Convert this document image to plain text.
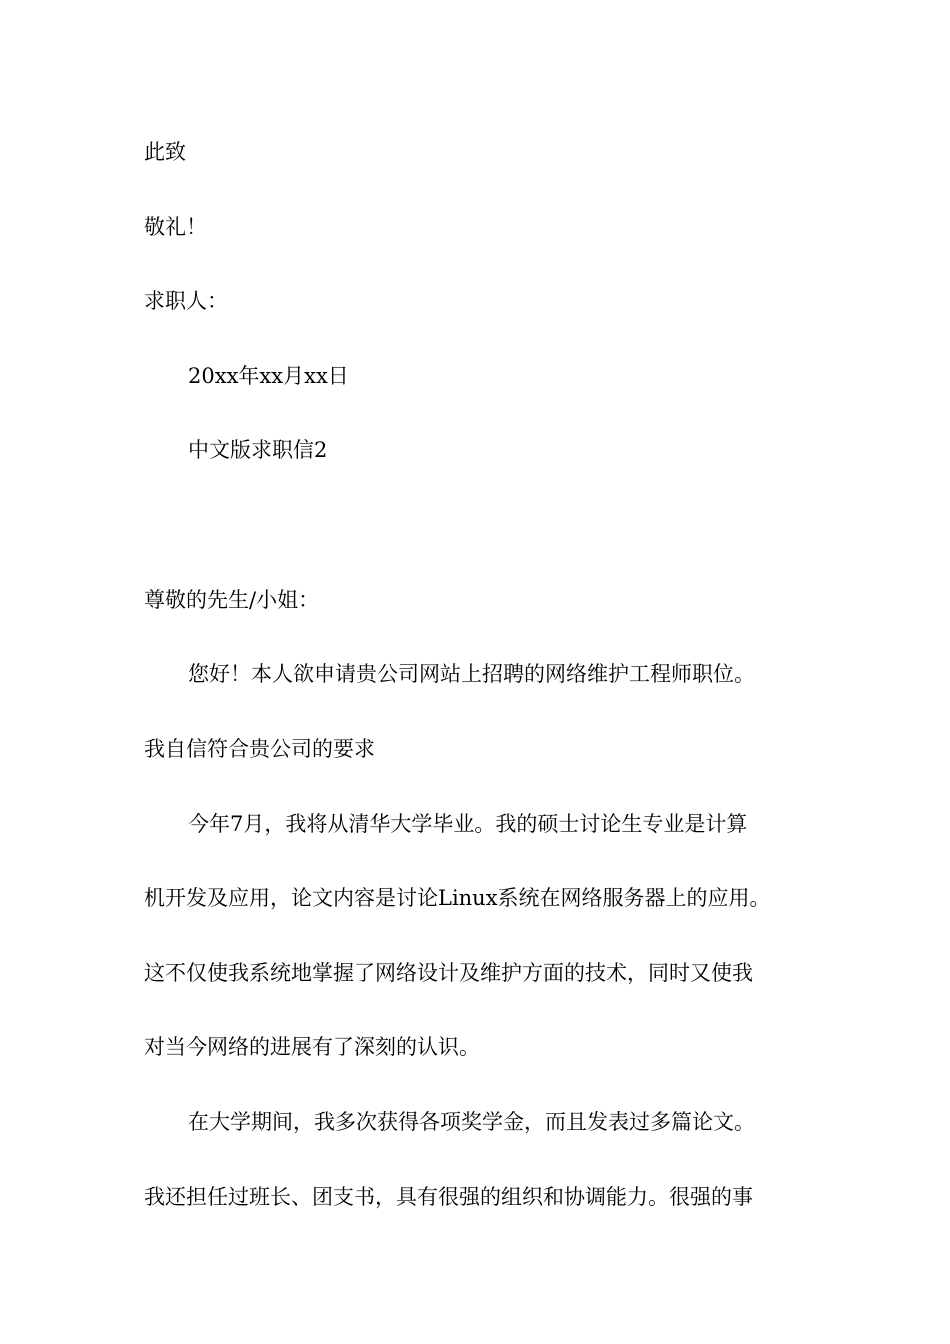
此致

敬礼！

求职人：

20xx年xx月xx日

中文版求职信2

尊敬的先生/小姐：

您好！本人欲申请贵公司网站上招聘的网络维护工程师职位。

我自信符合贵公司的要求

今年7月，我将从清华大学毕业。我的硕士讨论生专业是计算

机开发及应用，论文内容是讨论Linux系统在网络服务器上的应用。

这不仅使我系统地掌握了网络设计及维护方面的技术，同时又使我

对当今网络的进展有了深刻的认识。

在大学期间，我多次获得各项奖学金，而且发表过多篇论文。

我还担任过班长、团支书，具有很强的组织和协调能力。很强的事
